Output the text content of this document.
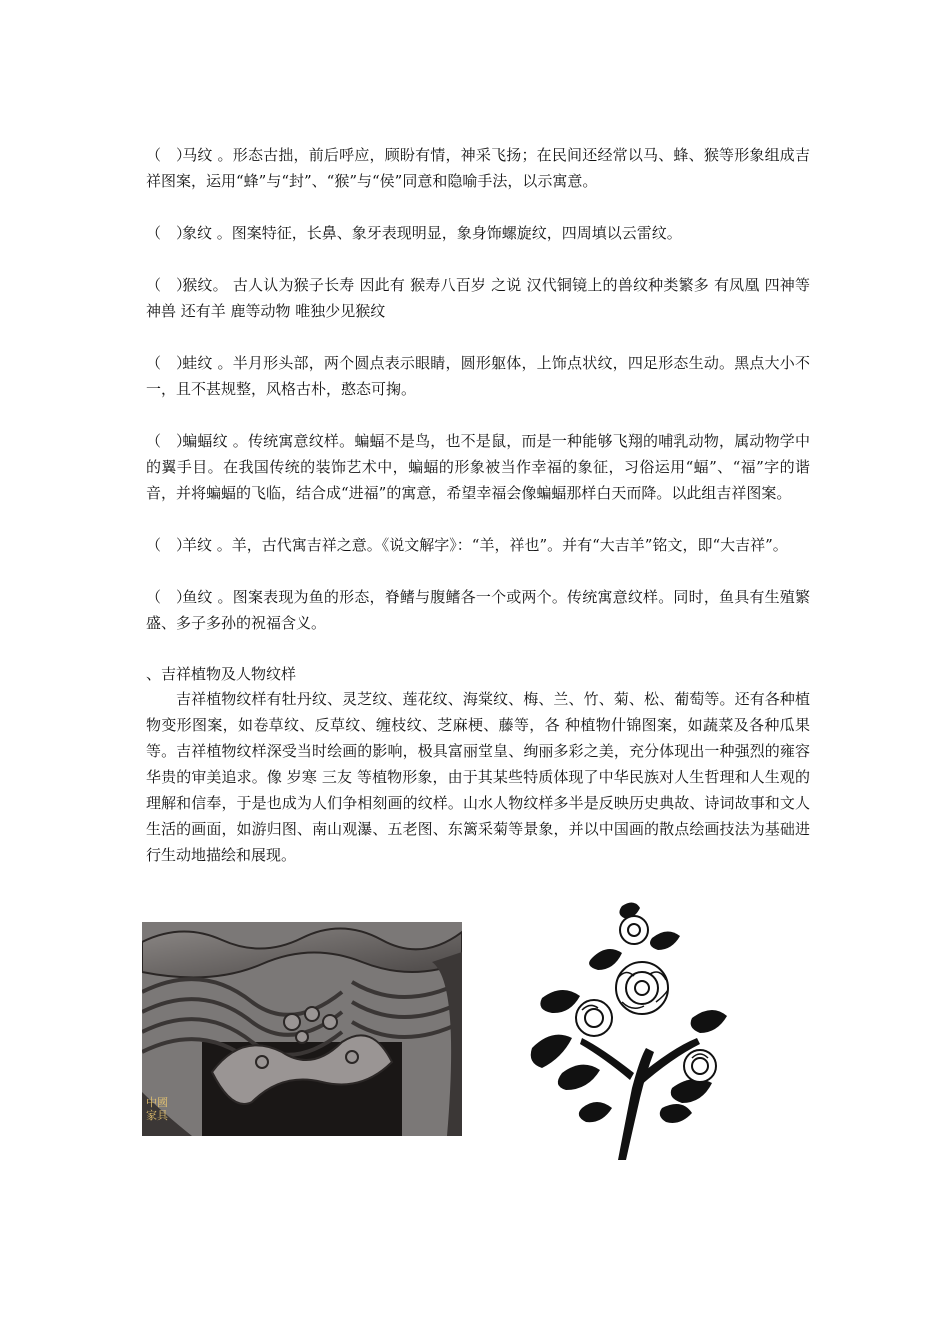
（　）马纹 。形态古拙，前后呼应，顾盼有情，神采飞扬；在民间还经常以马、蜂、猴等形象组成吉祥图案，运用“蜂”与“封”、“猴”与“侯”同意和隐喻手法，以示寓意。

（　）象纹 。图案特征，长鼻、象牙表现明显，象身饰螺旋纹，四周填以云雷纹。

（　）猴纹。 古人认为猴子长寿 因此有 猴寿八百岁 之说 汉代铜镜上的兽纹种类繁多 有凤凰 四神等神兽 还有羊 鹿等动物 唯独少见猴纹

（　）蛙纹 。半月形头部，两个圆点表示眼睛，圆形躯体，上饰点状纹，四足形态生动。黑点大小不一，且不甚规整，风格古朴，憨态可掬。

（　）蝙蝠纹 。传统寓意纹样。蝙蝠不是鸟，也不是鼠，而是一种能够飞翔的哺乳动物，属动物学中的翼手目。在我国传统的装饰艺术中，蝙蝠的形象被当作幸福的象征，习俗运用“蝠”、“福”字的谐音，并将蝙蝠的飞临，结合成“进福”的寓意，希望幸福会像蝙蝠那样白天而降。以此组吉祥图案。

（　）羊纹 。羊，古代寓吉祥之意。《说文解字》：“羊，祥也”。并有“大吉羊”铭文，即“大吉祥”。

（　）鱼纹 。图案表现为鱼的形态，脊鳍与腹鳍各一个或两个。传统寓意纹样。同时，鱼具有生殖繁盛、多子多孙的祝福含义。

、吉祥植物及人物纹样

吉祥植物纹样有牡丹纹、灵芝纹、莲花纹、海棠纹、梅、兰、竹、菊、松、葡萄等。还有各种植物变形图案，如卷草纹、反草纹、缠枝纹、芝麻梗、藤等，各 种植物什锦图案，如蔬菜及各种瓜果等。吉祥植物纹样深受当时绘画的影响，极具富丽堂皇、绚丽多彩之美，充分体现出一种强烈的雍容华贵的审美追求。像 岁寒 三友 等植物形象，由于其某些特质体现了中华民族对人生哲理和人生观的理解和信奉，于是也成为人们争相刻画的纹样。山水人物纹样多半是反映历史典故、诗词故事和文人生活的画面，如游归图、南山观瀑、五老图、东篱采菊等景象，并以中国画的散点绘画技法为基础进行生动地描绘和展现。

中國
家具
